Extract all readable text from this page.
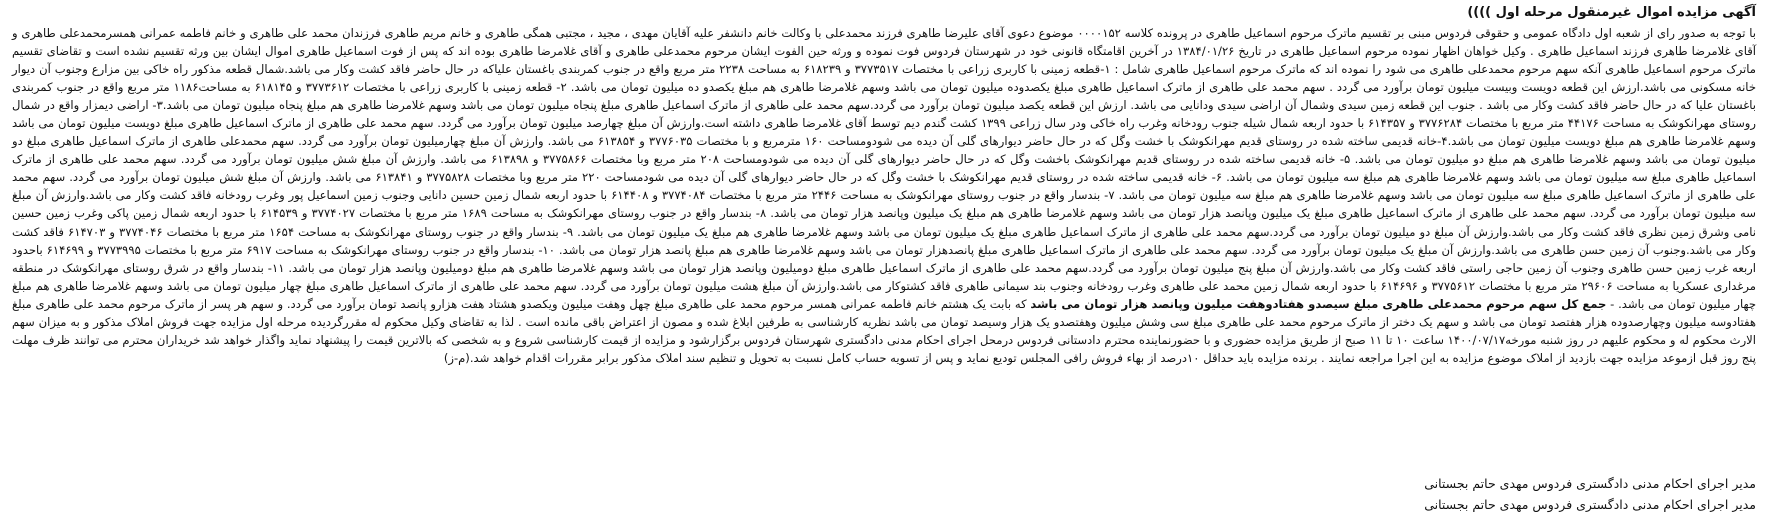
آگهی مزایده اموال غیرمنقول مرحله اول ))))
با توجه به صدور رای از شعبه اول دادگاه عمومی و حقوقی فردوس مبنی بر تقسیم ماترک مرحوم اسماعیل طاهری در پرونده کلاسه ۰۰۰۰۱۵۲ موضوع دعوی آقای علیرضا طاهری فرزند محمدعلی با وکالت خانم دانشفر علیه آقایان مهدی ، مجید ، مجتبی همگی طاهری و خانم مریم طاهری فرزندان محمد علی طاهری و خانم فاطمه عمرانی همسرمحمدعلی طاهری و آقای غلامرضا طاهری فرزند اسماعیل طاهری . وکیل خواهان اظهار نموده مرحوم اسماعیل طاهری در تاریخ ۱۳۸۴/۰۱/۲۶ در آخرین اقامتگاه قانونی خود در شهرستان فردوس فوت نموده و ورثه حین الفوت ایشان مرحوم محمدعلی طاهری و آقای غلامرضا طاهری بوده اند که پس از فوت اسماعیل طاهری اموال ایشان بین ورثه تقسیم نشده است و تقاضای تقسیم ماترک مرحوم اسماعیل طاهری آنکه سهم مرحوم محمدعلی طاهری می شود را نموده اند که ماترک مرحوم اسماعیل طاهری شامل : ۱-قطعه زمینی با کاربری زراعی با مختصات ۳۷۷۳۵۱۷ و ۶۱۸۲۳۹ به مساحت ۲۲۳۸ متر مربع واقع در جنوب کمربندی باغستان علیاکه در حال حاضر فاقد کشت وکار می باشد.شمال قطعه مذکور راه خاکی بین مزارع وجنوب آن دیوار خانه مسکونی می باشد.ارزش این قطعه دویست وبیست میلیون تومان برآورد می گردد . سهم محمد علی طاهری از ماترک اسماعیل طاهری مبلغ یکصدوده میلیون تومان می باشد وسهم غلامرضا طاهری هم مبلغ یکصدو ده میلیون تومان می باشد. ۲- قطعه زمینی با کاربری زراعی با مختصات ۳۷۷۳۶۱۲ و ۶۱۸۱۴۵ به مساحت۱۱۸۶ متر مربع واقع در جنوب کمربندی باغستان علیا که در حال حاضر فاقد کشت وکار می باشد . جنوب این قطعه زمین سیدی وشمال آن اراضی سیدی ودانایی می باشد. ارزش این قطعه یکصد میلیون تومان برآورد می گردد.سهم محمد علی طاهری از ماترک اسماعیل طاهری مبلغ پنجاه میلیون تومان می باشد وسهم غلامرضا طاهری هم مبلغ پنجاه میلیون تومان می باشد.۳- اراضی دیمزار واقع در شمال روستای مهرانکوشک به مساحت ۴۴۱۷۶ متر مربع با مختصات ۳۷۷۶۲۸۴ و ۶۱۴۳۵۷ با حدود اربعه شمال شیله جنوب رودخانه وغرب راه خاکی ودر سال زراعی ۱۳۹۹ کشت گندم دیم توسط آقای غلامرضا طاهری داشته است.وارزش آن مبلغ چهارصد میلیون تومان برآورد می گردد. سهم محمد علی طاهری از ماترک اسماعیل طاهری مبلغ دویست میلیون تومان می باشد وسهم غلامرضا طاهری هم مبلغ دویست میلیون تومان می باشد.۴-خانه قدیمی ساخته شده در روستای قدیم مهرانکوشک با خشت وگل که در حال حاضر دیوارهای گلی آن دیده می شودومساحت ۱۶۰ مترمربع و با مختصات ۳۷۷۶۰۳۵ و ۶۱۳۸۵۴ می باشد. وارزش آن مبلغ چهارمیلیون تومان برآورد می گردد. سهم محمدعلی طاهری از ماترک اسماعیل طاهری مبلغ دو میلیون تومان می باشد وسهم غلامرضا طاهری هم مبلغ دو میلیون تومان می باشد. ۵- خانه قدیمی ساخته شده در روستای قدیم مهرانکوشک باخشت وگل که در حال حاضر دیوارهای گلی آن دیده می شودومساحت ۲۰۸ متر مربع وبا مختصات ۳۷۷۵۸۶۶ و ۶۱۳۸۹۸ می باشد. وارزش آن مبلغ شش میلیون تومان برآورد می گردد. سهم محمد علی طاهری از ماترک اسماعیل طاهری مبلغ سه میلیون تومان می باشد وسهم غلامرضا طاهری هم مبلغ سه میلیون تومان می باشد. ۶- خانه قدیمی ساخته شده در روستای قدیم مهرانکوشک با خشت وگل که در حال حاضر دیوارهای گلی آن دیده می شودمساحت ۲۲۰ متر مربع وبا مختصات ۳۷۷۵۸۲۸ و ۶۱۳۸۴۱ می باشد. وارزش آن مبلغ شش میلیون تومان برآورد می گردد. سهم محمد علی طاهری از ماترک اسماعیل طاهری مبلغ سه میلیون تومان می باشد وسهم غلامرضا طاهری هم مبلغ سه میلیون تومان می باشد. ۷- بندسار واقع در جنوب روستای مهرانکوشک به مساحت ۲۴۴۶ متر مربع با مختصات ۳۷۷۴۰۸۴ و ۶۱۴۴۰۸ با حدود اربعه شمال زمین حسین دانایی وجنوب زمین اسماعیل پور وغرب رودخانه فاقد کشت وکار می باشد.وارزش آن مبلغ سه میلیون تومان برآورد می گردد. سهم محمد علی طاهری از ماترک اسماعیل طاهری مبلغ یک میلیون وپانصد هزار تومان می باشد وسهم غلامرضا طاهری هم مبلغ یک میلیون وپانصد هزار تومان می باشد. ۸- بندسار واقع در جنوب روستای مهرانکوشک به مساحت ۱۶۸۹ متر مربع با مختصات ۳۷۷۴۰۲۷ و ۶۱۴۵۳۹ با حدود اربعه شمال زمین پاکی وغرب زمین حسین نامی وشرق زمین نظری فاقد کشت وکار می باشد.وارزش آن مبلغ دو میلیون تومان برآورد می گردد.سهم محمد علی طاهری از ماترک اسماعیل طاهری مبلغ یک میلیون تومان می باشد وسهم غلامرضا طاهری هم مبلغ یک میلیون تومان می باشد. ۹- بندسار واقع در جنوب روستای مهرانکوشک به مساحت ۱۶۵۴ متر مربع با مختصات ۳۷۷۴۰۴۶ و ۶۱۴۷۰۳ فاقد کشت وکار می باشد.وجنوب آن زمین حسن طاهری می باشد.وارزش آن مبلغ یک میلیون تومان برآورد می گردد. سهم محمد علی طاهری از ماترک اسماعیل طاهری مبلغ پانصدهزار تومان می باشد وسهم غلامرضا طاهری هم مبلغ پانصد هزار تومان می باشد. ۱۰- بندسار واقع در جنوب روستای مهرانکوشک به مساحت ۶۹۱۷ متر مربع با مختصات ۳۷۷۳۹۹۵ و ۶۱۴۶۹۹ باحدود اربعه غرب زمین حسن طاهری وجنوب آن زمین حاجی راستی فاقد کشت وکار می باشد.وارزش آن مبلغ پنج میلیون تومان برآورد می گردد.سهم محمد علی طاهری از ماترک اسماعیل طاهری مبلغ دومیلیون وپانصد هزار تومان می باشد وسهم غلامرضا طاهری هم مبلغ دومیلیون وپانصد هزار تومان می باشد. ۱۱- بندسار واقع در شرق روستای مهرانکوشک در منطقه مرغداری عسکریا به مساحت ۲۹۶۰۶ متر مربع با مختصات ۳۷۷۵۶۱۲ و ۶۱۴۶۹۶ با حدود اربعه شمال زمین محمد علی طاهری وغرب رودخانه وجنوب بند سیمانی طاهری فاقد کشتوکار می باشد.وارزش آن مبلغ هشت میلیون تومان برآورد می گردد. سهم محمد علی طاهری از ماترک اسماعیل طاهری مبلغ چهار میلیون تومان می باشد وسهم غلامرضا طاهری هم مبلغ چهار میلیون تومان می باشد. - جمع کل سهم مرحوم محمدعلی طاهری مبلغ سیصدو هفتادوهفت میلیون وپانصد هزار تومان می باشد که بابت یک هشتم خانم فاطمه عمرانی همسر مرحوم محمد علی طاهری مبلغ چهل وهفت میلیون ویکصدو هشتاد هفت هزارو پانصد تومان برآورد می گردد. و سهم هر پسر از ماترک مرحوم محمد علی طاهری مبلغ هفتادوسه میلیون وچهارصدوده هزار هفتصد تومان می باشد و سهم یک دختر از ماترک مرحوم محمد علی طاهری مبلغ سی وشش میلیون وهفتصدو یک هزار وسیصد تومان می باشد نظریه کارشناسی به طرفین ابلاغ شده و مصون از اعتراض باقی مانده است . لذا به تقاضای وکیل محکوم له مقررگردیده مرحله اول مزایده جهت فروش املاک مذکور و به میزان سهم الارث محکوم له و محکوم علیهم در روز شنبه مورخه۱۴۰۰/۰۷/۱۷ ساعت ۱۰ تا ۱۱ صبح از طریق مزایده حضوری و با حضورنماینده محترم دادستانی فردوس درمحل اجرای احکام مدنی دادگستری شهرستان فردوس برگزارشود و مزایده از قیمت کارشناسی شروع و به شخصی که بالاترین قیمت را پیشنهاد نماید واگذار خواهد شد خریداران محترم می توانند ظرف مهلت پنج روز قبل ازموعد مزایده جهت بازدید از املاک موضوع مزایده به این اجرا مراجعه نمایند . برنده مزایده باید حداقل ۱۰درصد از بهاء فروش رافی المجلس تودیع نماید و پس از تسویه حساب کامل نسبت به تحویل و تنظیم سند املاک مذکور برابر مقررات اقدام خواهد شد.(م-ز)
مدیر اجرای احکام مدنی دادگستری فردوس مهدی حاتم بجستانی
مدیر اجرای احکام مدنی دادگستری فردوس مهدی حاتم بجستانی
